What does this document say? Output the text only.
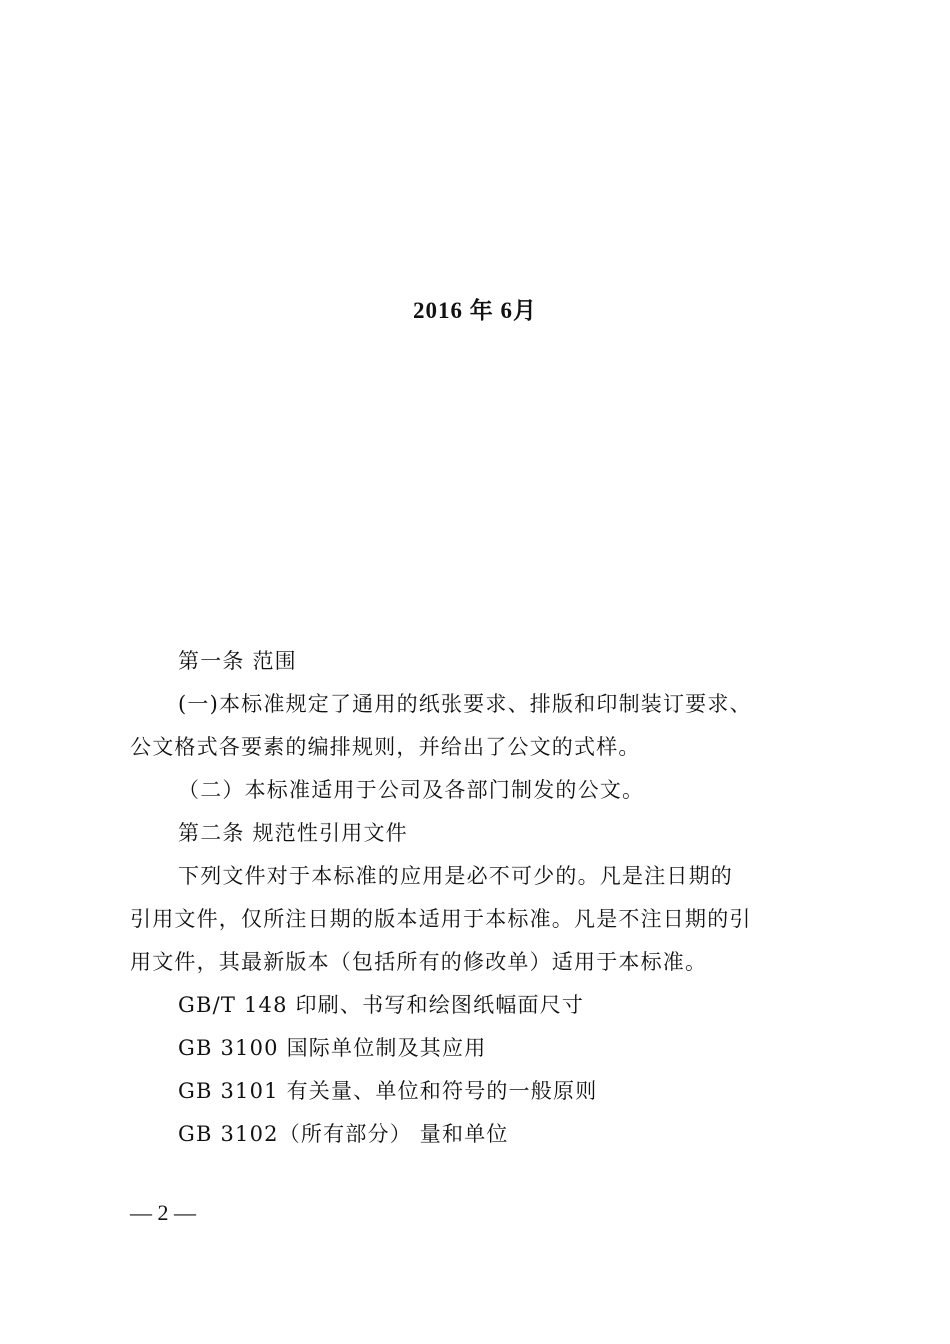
2016 年 6月

第一条 范围

(一)本标准规定了通用的纸张要求、排版和印制装订要求、

公文格式各要素的编排规则，并给出了公文的式样。

（二）本标准适用于公司及各部门制发的公文。

第二条 规范性引用文件

下列文件对于本标准的应用是必不可少的。凡是注日期的

引用文件，仅所注日期的版本适用于本标准。凡是不注日期的引

用文件，其最新版本（包括所有的修改单）适用于本标准。

GB/T 148 印刷、书写和绘图纸幅面尺寸

GB 3100 国际单位制及其应用

GB 3101 有关量、单位和符号的一般原则

GB 3102（所有部分） 量和单位

— 2 —
